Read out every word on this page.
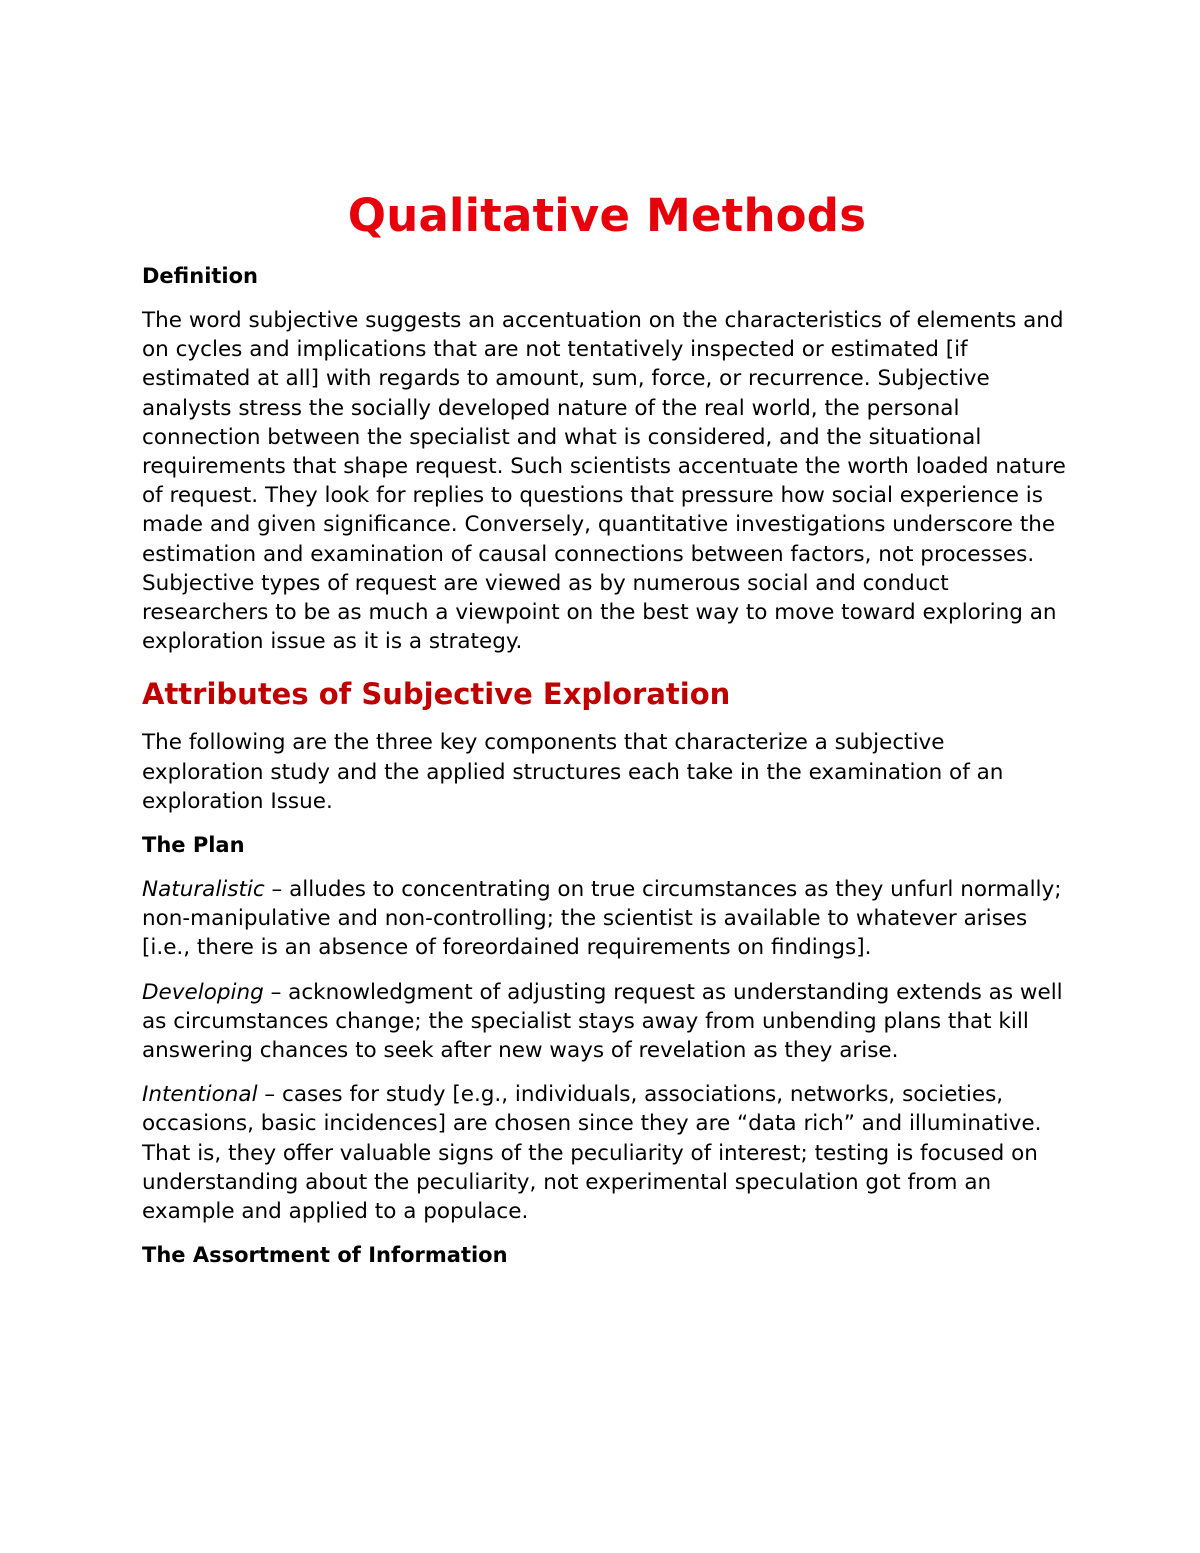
Qualitative Methods
Definition

The word subjective suggests an accentuation on the characteristics of elements and on cycles and implications that are not tentatively inspected or estimated [if estimated at all] with regards to amount, sum, force, or recurrence. Subjective analysts stress the socially developed nature of the real world, the personal connection between the specialist and what is considered, and the situational requirements that shape request. Such scientists accentuate the worth loaded nature of request. They look for replies to questions that pressure how social experience is made and given significance. Conversely, quantitative investigations underscore the estimation and examination of causal connections between factors, not processes. Subjective types of request are viewed as by numerous social and conduct researchers to be as much a viewpoint on the best way to move toward exploring an exploration issue as it is a strategy.

Attributes of Subjective Exploration

The following are the three key components that characterize a subjective exploration study and the applied structures each take in the examination of an exploration Issue.

The Plan

Naturalistic – alludes to concentrating on true circumstances as they unfurl normally; non-manipulative and non-controlling; the scientist is available to whatever arises [i.e., there is an absence of foreordained requirements on findings].

Developing – acknowledgment of adjusting request as understanding extends as well as circumstances change; the specialist stays away from unbending plans that kill answering chances to seek after new ways of revelation as they arise.

Intentional – cases for study [e.g., individuals, associations, networks, societies, occasions, basic incidences] are chosen since they are “data rich” and illuminative. That is, they offer valuable signs of the peculiarity of interest; testing is focused on understanding about the peculiarity, not experimental speculation got from an example and applied to a populace.

The Assortment of Information
